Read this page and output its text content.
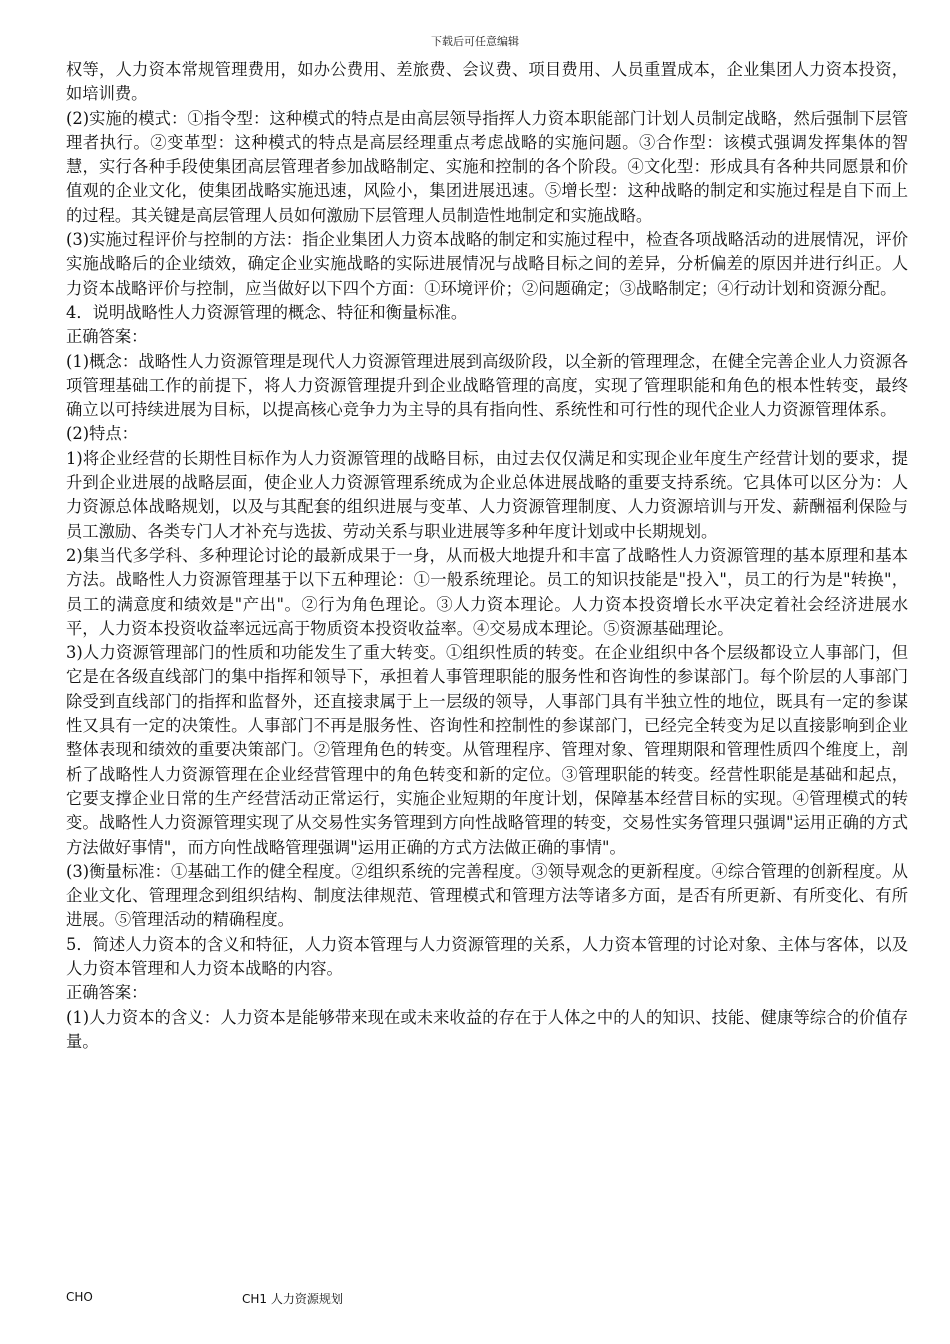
下载后可任意编辑

权等，人力资本常规管理费用，如办公费用、差旅费、会议费、项目费用、人员重置成本，企业集团人力资本投资，如培训费。

(2)实施的模式：①指令型：这种模式的特点是由高层领导指挥人力资本职能部门计划人员制定战略，然后强制下层管理者执行。②变革型：这种模式的特点是高层经理重点考虑战略的实施问题。③合作型：该模式强调发挥集体的智慧，实行各种手段使集团高层管理者参加战略制定、实施和控制的各个阶段。④文化型：形成具有各种共同愿景和价值观的企业文化，使集团战略实施迅速，风险小，集团进展迅速。⑤增长型：这种战略的制定和实施过程是自下而上的过程。其关键是高层管理人员如何激励下层管理人员制造性地制定和实施战略。

(3)实施过程评价与控制的方法：指企业集团人力资本战略的制定和实施过程中，检查各项战略活动的进展情况，评价实施战略后的企业绩效，确定企业实施战略的实际进展情况与战略目标之间的差异，分析偏差的原因并进行纠正。人力资本战略评价与控制，应当做好以下四个方面：①环境评价；②问题确定；③战略制定；④行动计划和资源分配。

4．说明战略性人力资源管理的概念、特征和衡量标准。

正确答案：

(1)概念：战略性人力资源管理是现代人力资源管理进展到高级阶段，以全新的管理理念，在健全完善企业人力资源各项管理基础工作的前提下，将人力资源管理提升到企业战略管理的高度，实现了管理职能和角色的根本性转变，最终确立以可持续进展为目标，以提高核心竞争力为主导的具有指向性、系统性和可行性的现代企业人力资源管理体系。

(2)特点：

1)将企业经营的长期性目标作为人力资源管理的战略目标，由过去仅仅满足和实现企业年度生产经营计划的要求，提升到企业进展的战略层面，使企业人力资源管理系统成为企业总体进展战略的重要支持系统。它具体可以区分为：人力资源总体战略规划，以及与其配套的组织进展与变革、人力资源管理制度、人力资源培训与开发、薪酬福利保险与员工激励、各类专门人才补充与选拔、劳动关系与职业进展等多种年度计划或中长期规划。

2)集当代多学科、多种理论讨论的最新成果于一身，从而极大地提升和丰富了战略性人力资源管理的基本原理和基本方法。战略性人力资源管理基于以下五种理论：①一般系统理论。员工的知识技能是"投入"，员工的行为是"转换"，员工的满意度和绩效是"产出"。②行为角色理论。③人力资本理论。人力资本投资增长水平决定着社会经济进展水平，人力资本投资收益率远远高于物质资本投资收益率。④交易成本理论。⑤资源基础理论。

3)人力资源管理部门的性质和功能发生了重大转变。①组织性质的转变。在企业组织中各个层级都设立人事部门，但它是在各级直线部门的集中指挥和领导下，承担着人事管理职能的服务性和咨询性的参谋部门。每个阶层的人事部门除受到直线部门的指挥和监督外，还直接隶属于上一层级的领导，人事部门具有半独立性的地位，既具有一定的参谋性又具有一定的决策性。人事部门不再是服务性、咨询性和控制性的参谋部门，已经完全转变为足以直接影响到企业整体表现和绩效的重要决策部门。②管理角色的转变。从管理程序、管理对象、管理期限和管理性质四个维度上，剖析了战略性人力资源管理在企业经营管理中的角色转变和新的定位。③管理职能的转变。经营性职能是基础和起点，它要支撑企业日常的生产经营活动正常运行，实施企业短期的年度计划，保障基本经营目标的实现。④管理模式的转变。战略性人力资源管理实现了从交易性实务管理到方向性战略管理的转变，交易性实务管理只强调"运用正确的方式方法做好事情"，而方向性战略管理强调"运用正确的方式方法做正确的事情"。

(3)衡量标准：①基础工作的健全程度。②组织系统的完善程度。③领导观念的更新程度。④综合管理的创新程度。从企业文化、管理理念到组织结构、制度法律规范、管理模式和管理方法等诸多方面，是否有所更新、有所变化、有所进展。⑤管理活动的精确程度。

5．简述人力资本的含义和特征，人力资本管理与人力资源管理的关系，人力资本管理的讨论对象、主体与客体，以及人力资本管理和人力资本战略的内容。

正确答案：

(1)人力资本的含义：人力资本是能够带来现在或未来收益的存在于人体之中的人的知识、技能、健康等综合的价值存量。

CHO	CH1 人力资源规划
